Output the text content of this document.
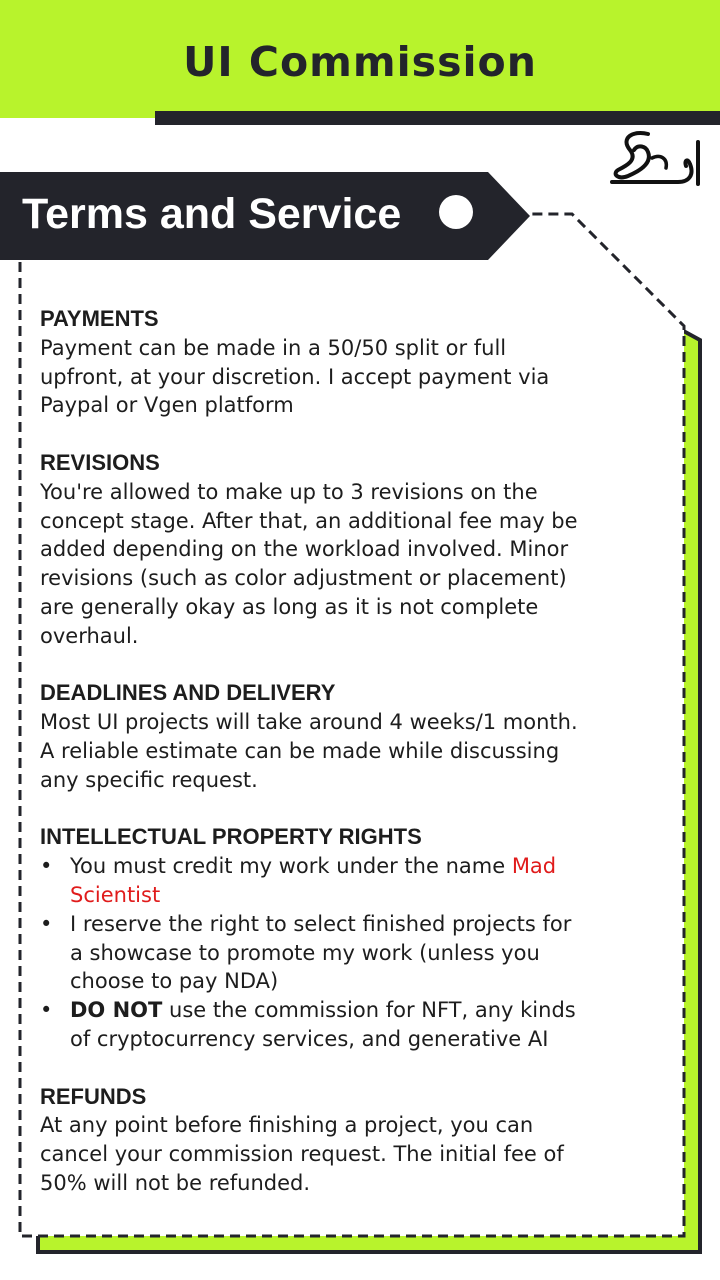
UI Commission
Terms and Service
PAYMENTS
Payment can be made in a 50/50 split or full
upfront, at your discretion. I accept payment via
Paypal or Vgen platform
REVISIONS
You're allowed to make up to 3 revisions on the
concept stage. After that, an additional fee may be
added depending on the workload involved. Minor
revisions (such as color adjustment or placement)
are generally okay as long as it is not complete
overhaul.
DEADLINES AND DELIVERY
Most UI projects will take around 4 weeks/1 month.
A reliable estimate can be made while discussing
any specific request.
INTELLECTUAL PROPERTY RIGHTS
• You must credit my work under the name Mad
Scientist
• I reserve the right to select finished projects for
a showcase to promote my work (unless you
choose to pay NDA)
• DO NOT use the commission for NFT, any kinds
of cryptocurrency services, and generative AI
REFUNDS
At any point before finishing a project, you can
cancel your commission request. The initial fee of
50% will not be refunded.
